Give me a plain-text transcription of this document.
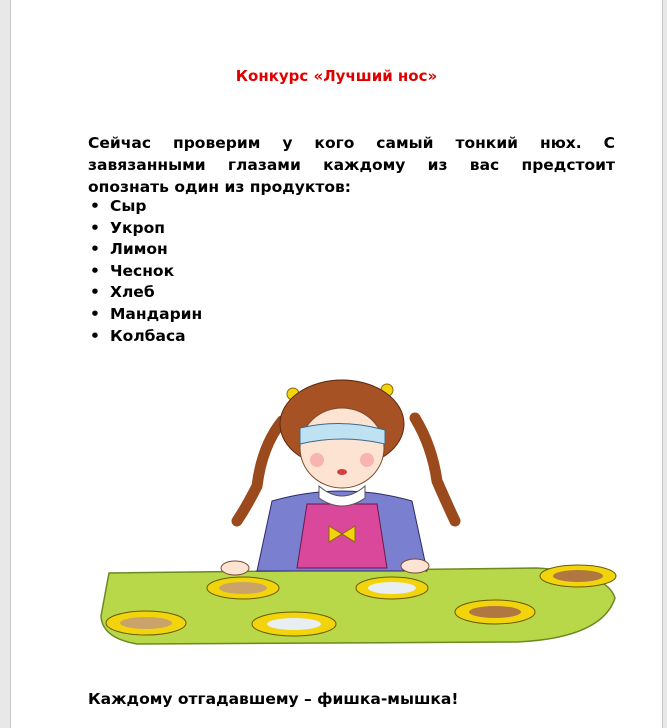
Конкурс «Лучший нос»
Сейчас проверим у кого самый тонкий нюх. С завязанными глазами каждому из вас предстоит опознать один из продуктов:
• Сыр
• Укроп
• Лимон
• Чеснок
• Хлеб
• Мандарин
• Колбаса
Каждому отгадавшему – фишка-мышка!
